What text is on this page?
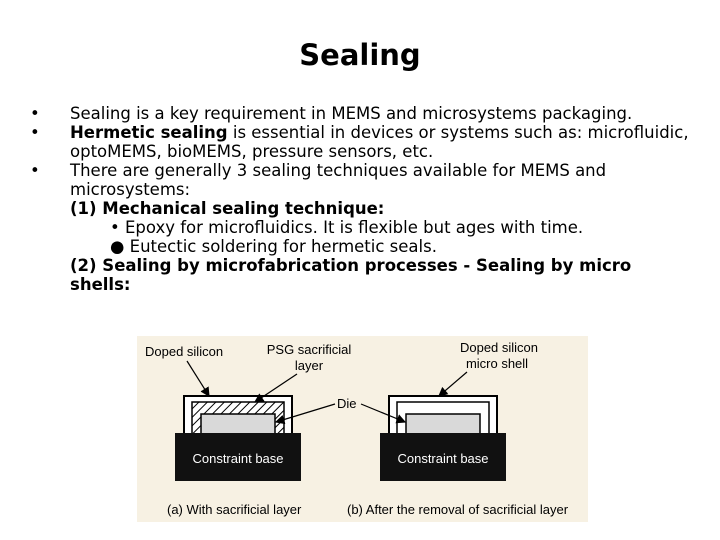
Sealing
• Sealing is a key requirement in MEMS and microsystems packaging.
• Hermetic sealing is essential in devices or systems such as: microfluidic, optoMEMS, bioMEMS, pressure sensors, etc.
• There are generally 3 sealing techniques available for MEMS and microsystems:
(1) Mechanical sealing technique:
• Epoxy for microfluidics. It is flexible but ages with time.
● Eutectic soldering for hermetic seals.
(2) Sealing by microfabrication processes - Sealing by micro shells:
Constraint base	Constraint base
Doped silicon	PSG sacrificial
layer
Doped silicon
micro shell
Die
(a) With sacrificial layer	(b) After the removal of sacrificial layer
